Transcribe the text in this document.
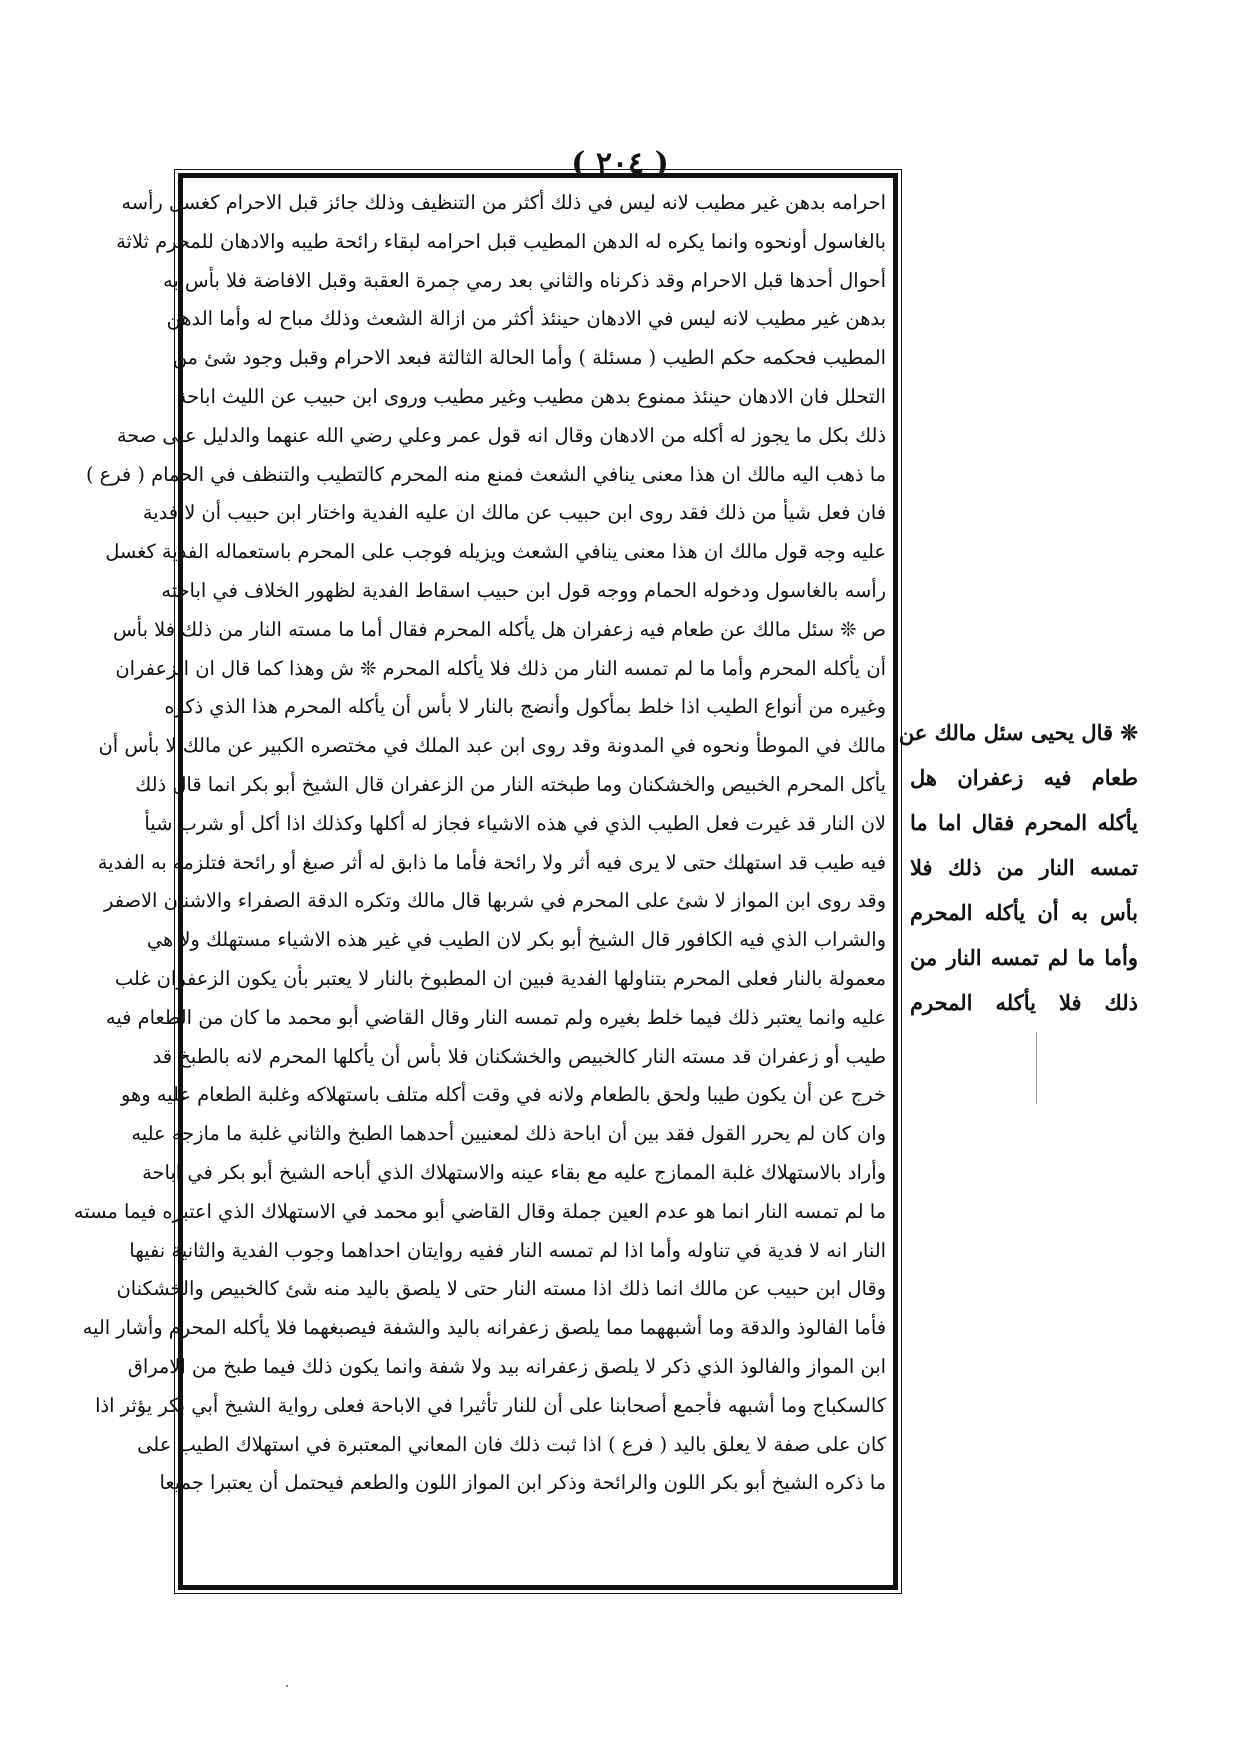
( ٢٠٤ )
احرامه بدهن غير مطيب لانه ليس في ذلك أكثر من التنظيف وذلك جائز قبل الاحرام كغسل رأسه
بالغاسول أونحوه وانما يكره له الدهن المطيب قبل احرامه لبقاء رائحة طيبه والادهان للمحرم ثلاثة
أحوال أحدها قبل الاحرام وقد ذكرناه والثاني بعد رمي جمرة العقبة وقبل الافاضة فلا بأس به
بدهن غير مطيب لانه ليس في الادهان حينئذ أكثر من ازالة الشعث وذلك مباح له وأما الدهن
المطيب فحكمه حكم الطيب ( مسئلة ) وأما الحالة الثالثة فبعد الاحرام وقبل وجود شئ من
التحلل فان الادهان حينئذ ممنوع بدهن مطيب وغير مطيب وروى ابن حبيب عن الليث اباحة
ذلك بكل ما يجوز له أكله من الادهان وقال انه قول عمر وعلي رضي الله عنهما والدليل على صحة
ما ذهب اليه مالك ان هذا معنى ينافي الشعث فمنع منه المحرم كالتطيب والتنظف في الحمام ( فرع )
فان فعل شيأ من ذلك فقد روى ابن حبيب عن مالك ان عليه الفدية واختار ابن حبيب أن لا فدية
عليه وجه قول مالك ان هذا معنى ينافي الشعث ويزيله فوجب على المحرم باستعماله الفدية كغسل
رأسه بالغاسول ودخوله الحمام ووجه قول ابن حبيب اسقاط الفدية لظهور الخلاف في اباحته
ص ❊ سئل مالك عن طعام فيه زعفران هل يأكله المحرم فقال أما ما مسته النار من ذلك فلا بأس
أن يأكله المحرم وأما ما لم تمسه النار من ذلك فلا يأكله المحرم ❊ ش وهذا كما قال ان الزعفران
وغيره من أنواع الطيب اذا خلط بمأكول وأنضج بالنار لا بأس أن يأكله المحرم هذا الذي ذكره
مالك في الموطأ ونحوه في المدونة وقد روى ابن عبد الملك في مختصره الكبير عن مالك لا بأس أن
يأكل المحرم الخبيص والخشكنان وما طبخته النار من الزعفران قال الشيخ أبو بكر انما قال ذلك
لان النار قد غيرت فعل الطيب الذي في هذه الاشياء فجاز له أكلها وكذلك اذا أكل أو شرب شيأ
فيه طيب قد استهلك حتى لا يرى فيه أثر ولا رائحة فأما ما ذابق له أثر صبغ أو رائحة فتلزمه به الفدية
وقد روى ابن المواز لا شئ على المحرم في شربها قال مالك وتكره الدقة الصفراء والاشنان الاصفر
والشراب الذي فيه الكافور قال الشيخ أبو بكر لان الطيب في غير هذه الاشياء مستهلك ولا هي
معمولة بالنار فعلى المحرم بتناولها الفدية فبين ان المطبوخ بالنار لا يعتبر بأن يكون الزعفران غلب
عليه وانما يعتبر ذلك فيما خلط بغيره ولم تمسه النار وقال القاضي أبو محمد ما كان من الطعام فيه
طيب أو زعفران قد مسته النار كالخبيص والخشكنان فلا بأس أن يأكلها المحرم لانه بالطبخ قد
خرج عن أن يكون طيبا ولحق بالطعام ولانه في وقت أكله متلف باستهلاكه وغلبة الطعام عليه وهو
وان كان لم يحرر القول فقد بين أن اباحة ذلك لمعنيين أحدهما الطبخ والثاني غلبة ما مازجه عليه
وأراد بالاستهلاك غلبة الممازج عليه مع بقاء عينه والاستهلاك الذي أباحه الشيخ أبو بكر في اباحة
ما لم تمسه النار انما هو عدم العين جملة وقال القاضي أبو محمد في الاستهلاك الذي اعتبره فيما مسته
النار انه لا فدية في تناوله وأما اذا لم تمسه النار ففيه روايتان احداهما وجوب الفدية والثانية نفيها
وقال ابن حبيب عن مالك انما ذلك اذا مسته النار حتى لا يلصق باليد منه شئ كالخبيص والخشكنان
فأما الفالوذ والدقة وما أشبههما مما يلصق زعفرانه باليد والشفة فيصبغهما فلا يأكله المحرم وأشار اليه
ابن المواز والفالوذ الذي ذكر لا يلصق زعفرانه بيد ولا شفة وانما يكون ذلك فيما طبخ من الامراق
كالسكباج وما أشبهه فأجمع أصحابنا على أن للنار تأثيرا في الاباحة فعلى رواية الشيخ أبي بكر يؤثر اذا
كان على صفة لا يعلق باليد ( فرع ) اذا ثبت ذلك فان المعاني المعتبرة في استهلاك الطيب على
ما ذكره الشيخ أبو بكر اللون والرائحة وذكر ابن المواز اللون والطعم فيحتمل أن يعتبرا جميعا
❊ قال يحيى سئل مالك عن
طعام فيه زعفران هل
يأكله المحرم فقال اما ما
تمسه النار من ذلك فلا
بأس به أن يأكله المحرم
وأما ما لم تمسه النار من
ذلك فلا يأكله المحرم
